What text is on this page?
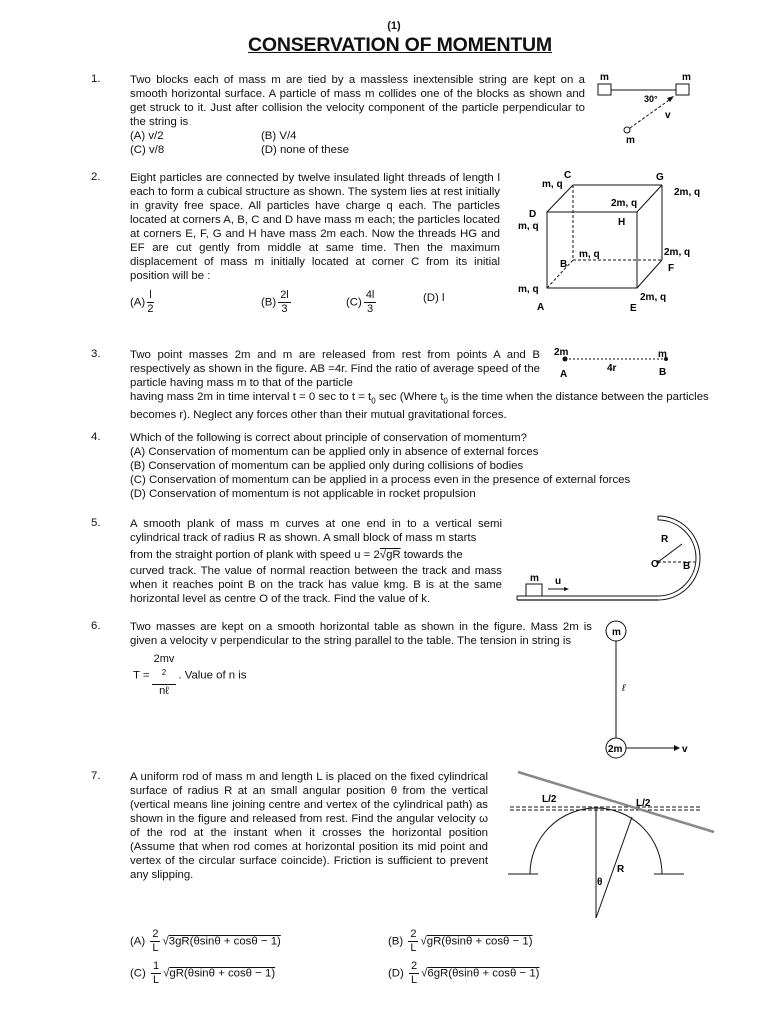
(1)
CONSERVATION OF MOMENTUM
1.	Two blocks each of mass m are tied by a massless inextensible string are kept on a smooth horizontal surface. A particle of mass m collides one of the blocks as shown and get struck to it. Just after collision the velocity component of the particle perpendicular to the string is
(A) v/2	(B) V/4
(C) v/8	(D) none of these
m	m
30°
v
m
2.	Eight particles are connected by twelve insulated light threads of length l each to form a cubical structure as shown. The system lies at rest initially in gravity free space. All particles have charge q each. The particles located at corners A, B, C and D have mass m each; the particles located at corners E, F, G and H have mass 2m each. Now the threads HG and EF are cut gently from middle at same time. Then the maximum displacement of mass m initially located at corner C from its initial position will be :
$(A) \frac{l}{2}$	$(B) \frac{2l}{3}$	$(C) \frac{4l}{3}$	(D) l
C
m, q
G
2m, q
2m, q
H
D
m, q
m, q
B
2m, q
F
m, q
A
2m, q
E
3.	Two point masses 2m and m are released from rest from points A and B respectively as shown in the figure. AB =4r. Find the ratio of average speed of the particle having mass m to that of the particle
having mass 2m in time interval t = 0 sec to $t = t_0$ sec (Where $t_0$ is the time when the distance between the particles becomes r). Neglect any forces other than their mutual gravitational forces.
2m	m
A	B
4r
4.	Which of the following is correct about principle of conservation of momentum?
(A) Conservation of momentum can be applied only in absence of external forces
(B) Conservation of momentum can be applied only during collisions of bodies
(C) Conservation of momentum can be applied in a process even in the presence of external forces
(D) Conservation of momentum is not applicable in rocket propulsion
5.	A smooth plank of mass m curves at one end in to a vertical semi cylindrical track of radius R as shown. A small block of mass m starts
from the straight portion of plank with speed u = 2√gR towards the
curved track. The value of normal reaction between the track and mass when it reaches point B on the track has value kmg. B is at the same horizontal level as centre O of the track. Find the value of k.
R
O B
m u
6.	Two masses are kept on a smooth horizontal table as shown in the figure. Mass 2m is given a velocity v perpendicular to the string parallel to the table. The tension in string is
T = 2mv
$^2$
nℓ . Value of n is
m
ℓ
2m	v
7.	A uniform rod of mass m and length L is placed on the fixed cylindrical surface of radius R at an small angular position θ from the vertical (vertical means line joining centre and vertex of the cylindrical path) as shown in the figure and released from rest. Find the angular velocity ω of the rod at the instant when it crosses the horizontal position (Assume that when rod comes at horizontal position its mid point and vertex of the circular surface coincide). Friction is sufficient to prevent any slipping.
$(A) \frac{2}{L} √3gR(\theta\sin\theta + \cos\theta - 1)$	$(B) \frac{2}{L} √gR(\theta\sin\theta + \cos\theta - 1)$
$(C) \frac{1}{L} √gR(\theta\sin\theta + \cos\theta - 1)$	$(D) \frac{2}{L} √6gR(\theta\sin\theta + \cos\theta - 1)$
L/2	L/2
R
θ
